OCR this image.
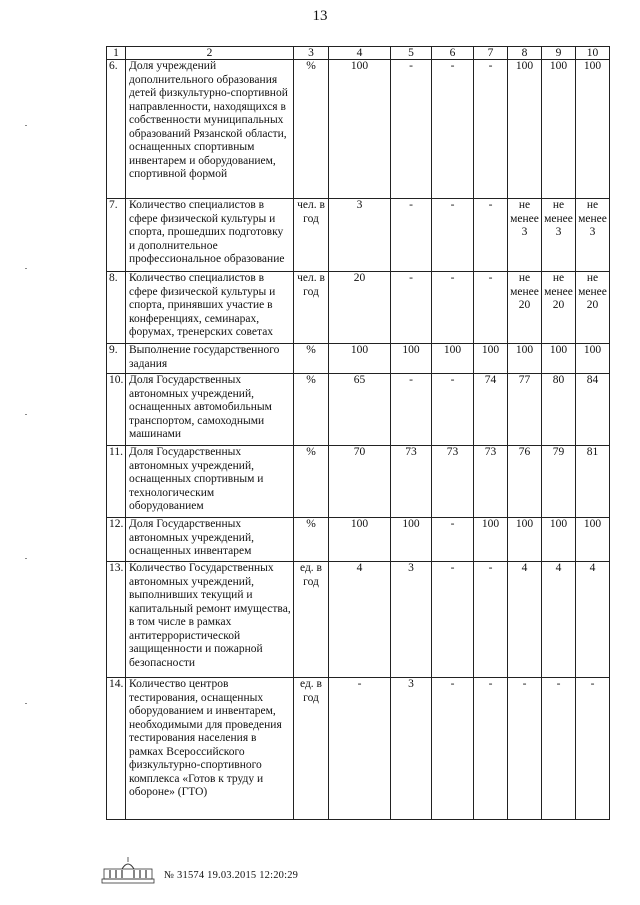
13
1	2	3	4	5	6	7	8	9	10
6.	Доля учреждений дополнительного образования детей физкультурно-спортивной направленности, находящихся в собственности муниципальных образований Рязанской области, оснащенных спортивным инвентарем и оборудованием, спортивной формой	%	100	-	-	-	100	100	100
7.	Количество специалистов в сфере физической культуры и спорта, прошедших подготовку и дополнительное профессиональное образование	чел. в год	3	-	-	-	не менее 3	не менее 3	не менее 3
8.	Количество специалистов в сфере физической культуры и спорта, принявших участие в конференциях, семинарах, форумах, тренерских советах	чел. в год	20	-	-	-	не менее 20	не менее 20	не менее 20
9.	Выполнение государственного задания	%	100	100	100	100	100	100	100
10.	Доля Государственных автономных учреждений, оснащенных автомобильным транспортом, самоходными машинами	%	65	-	-	74	77	80	84
11.	Доля Государственных автономных учреждений, оснащенных спортивным и технологическим оборудованием	%	70	73	73	73	76	79	81
12.	Доля Государственных автономных учреждений, оснащенных инвентарем	%	100	100	-	100	100	100	100
13.	Количество Государственных автономных учреждений, выполнивших текущий и капитальный ремонт имущества, в том числе в рамках антитеррористической защищенности и пожарной безопасности	ед. в год	4	3	-	-	4	4	4
14.	Количество центров тестирования, оснащенных оборудованием и инвентарем, необходимыми для проведения тестирования населения в рамках Всероссийского физкультурно-спортивного комплекса «Готов к труду и обороне» (ГТО)	ед. в год	-	3	-	-	-	-	-
№ 31574 19.03.2015 12:20:29
